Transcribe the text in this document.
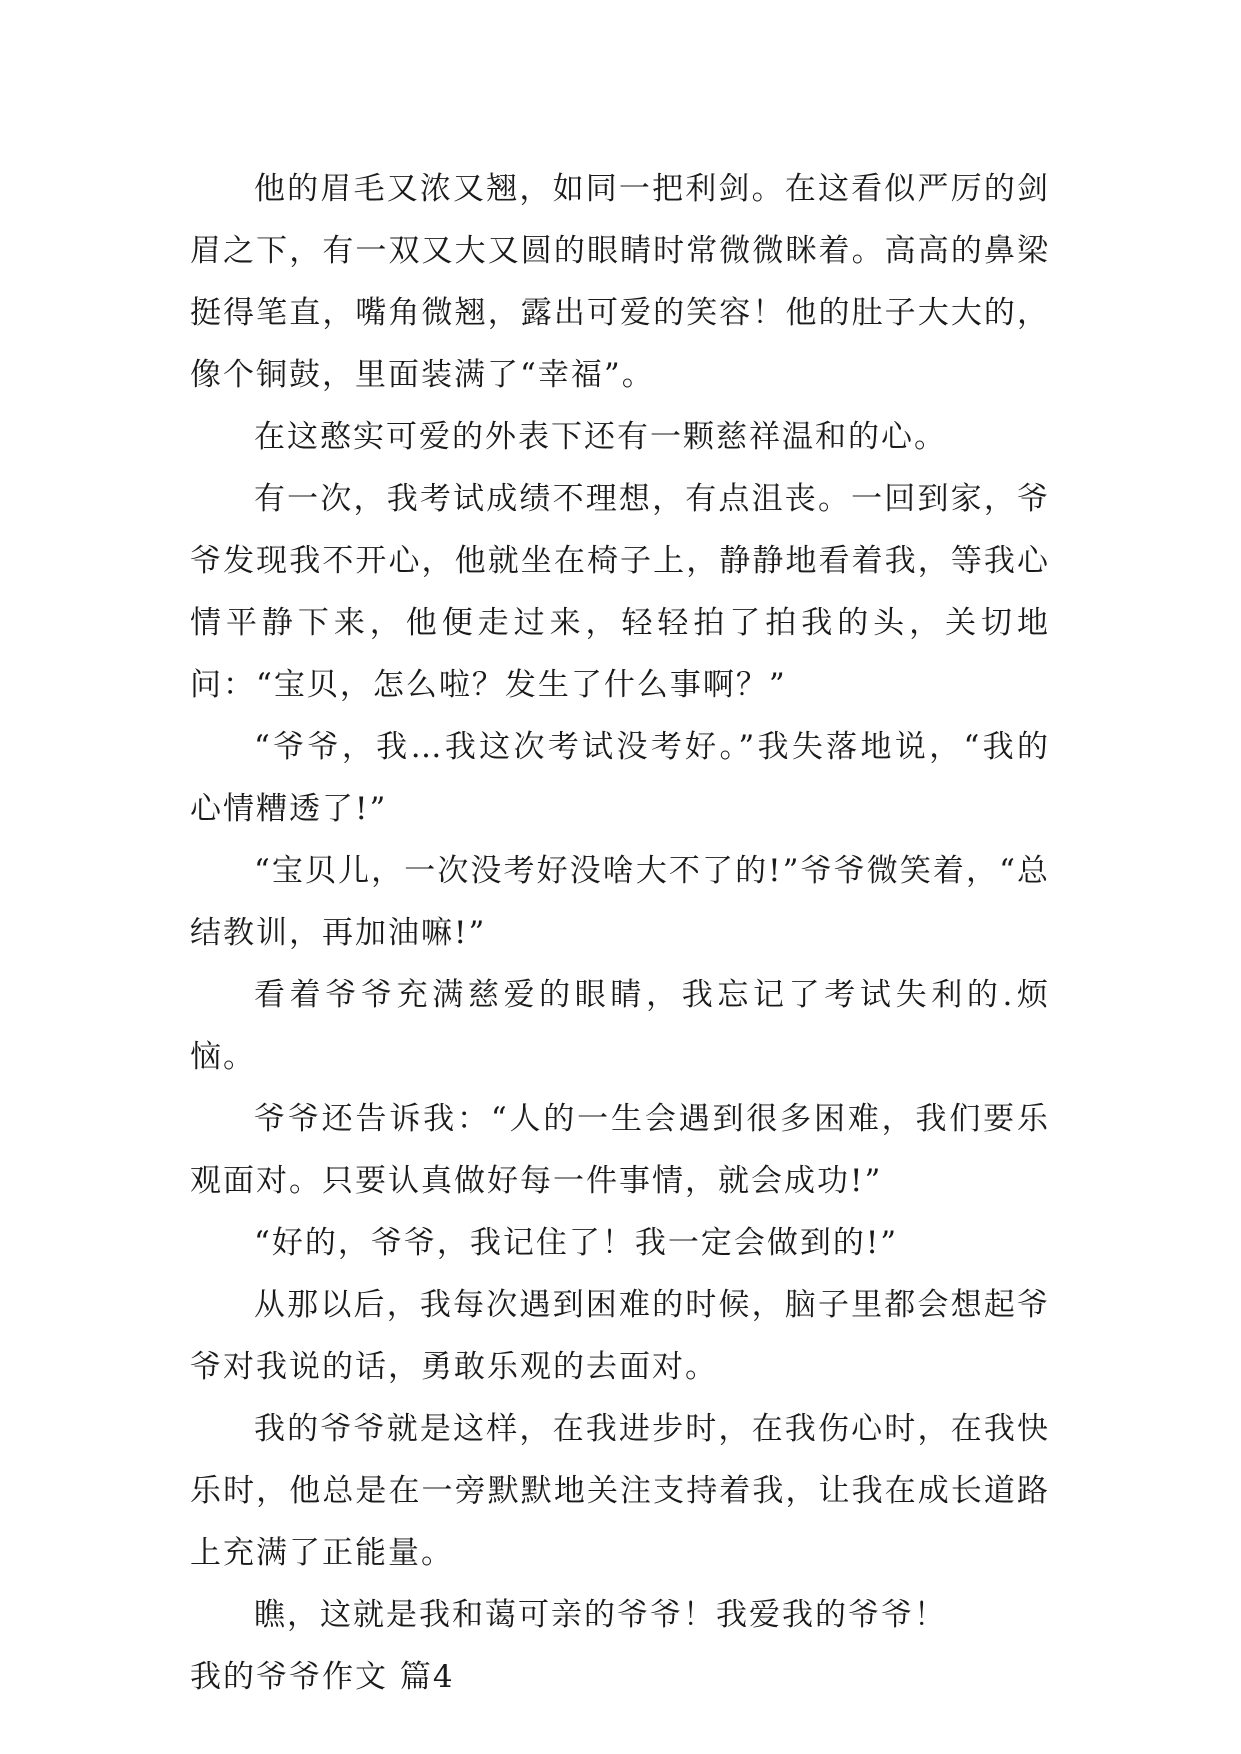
他的眉毛又浓又翘，如同一把利剑。在这看似严厉的剑眉之下，有一双又大又圆的眼睛时常微微眯着。高高的鼻梁挺得笔直，嘴角微翘，露出可爱的笑容！他的肚子大大的，像个铜鼓，里面装满了“幸福”。

在这憨实可爱的外表下还有一颗慈祥温和的心。

有一次，我考试成绩不理想，有点沮丧。一回到家，爷爷发现我不开心，他就坐在椅子上，静静地看着我，等我心情平静下来，他便走过来，轻轻拍了拍我的头，关切地问：“宝贝，怎么啦？发生了什么事啊？”

“爷爷，我…我这次考试没考好。”我失落地说，“我的心情糟透了!”

“宝贝儿，一次没考好没啥大不了的!”爷爷微笑着，“总结教训，再加油嘛!”

看着爷爷充满慈爱的眼睛，我忘记了考试失利的.烦恼。

爷爷还告诉我：“人的一生会遇到很多困难，我们要乐观面对。只要认真做好每一件事情，就会成功!”

“好的，爷爷，我记住了！我一定会做到的!”

从那以后，我每次遇到困难的时候，脑子里都会想起爷爷对我说的话，勇敢乐观的去面对。

我的爷爷就是这样，在我进步时，在我伤心时，在我快乐时，他总是在一旁默默地关注支持着我，让我在成长道路上充满了正能量。

瞧，这就是我和蔼可亲的爷爷！我爱我的爷爷！

我的爷爷作文 篇4
